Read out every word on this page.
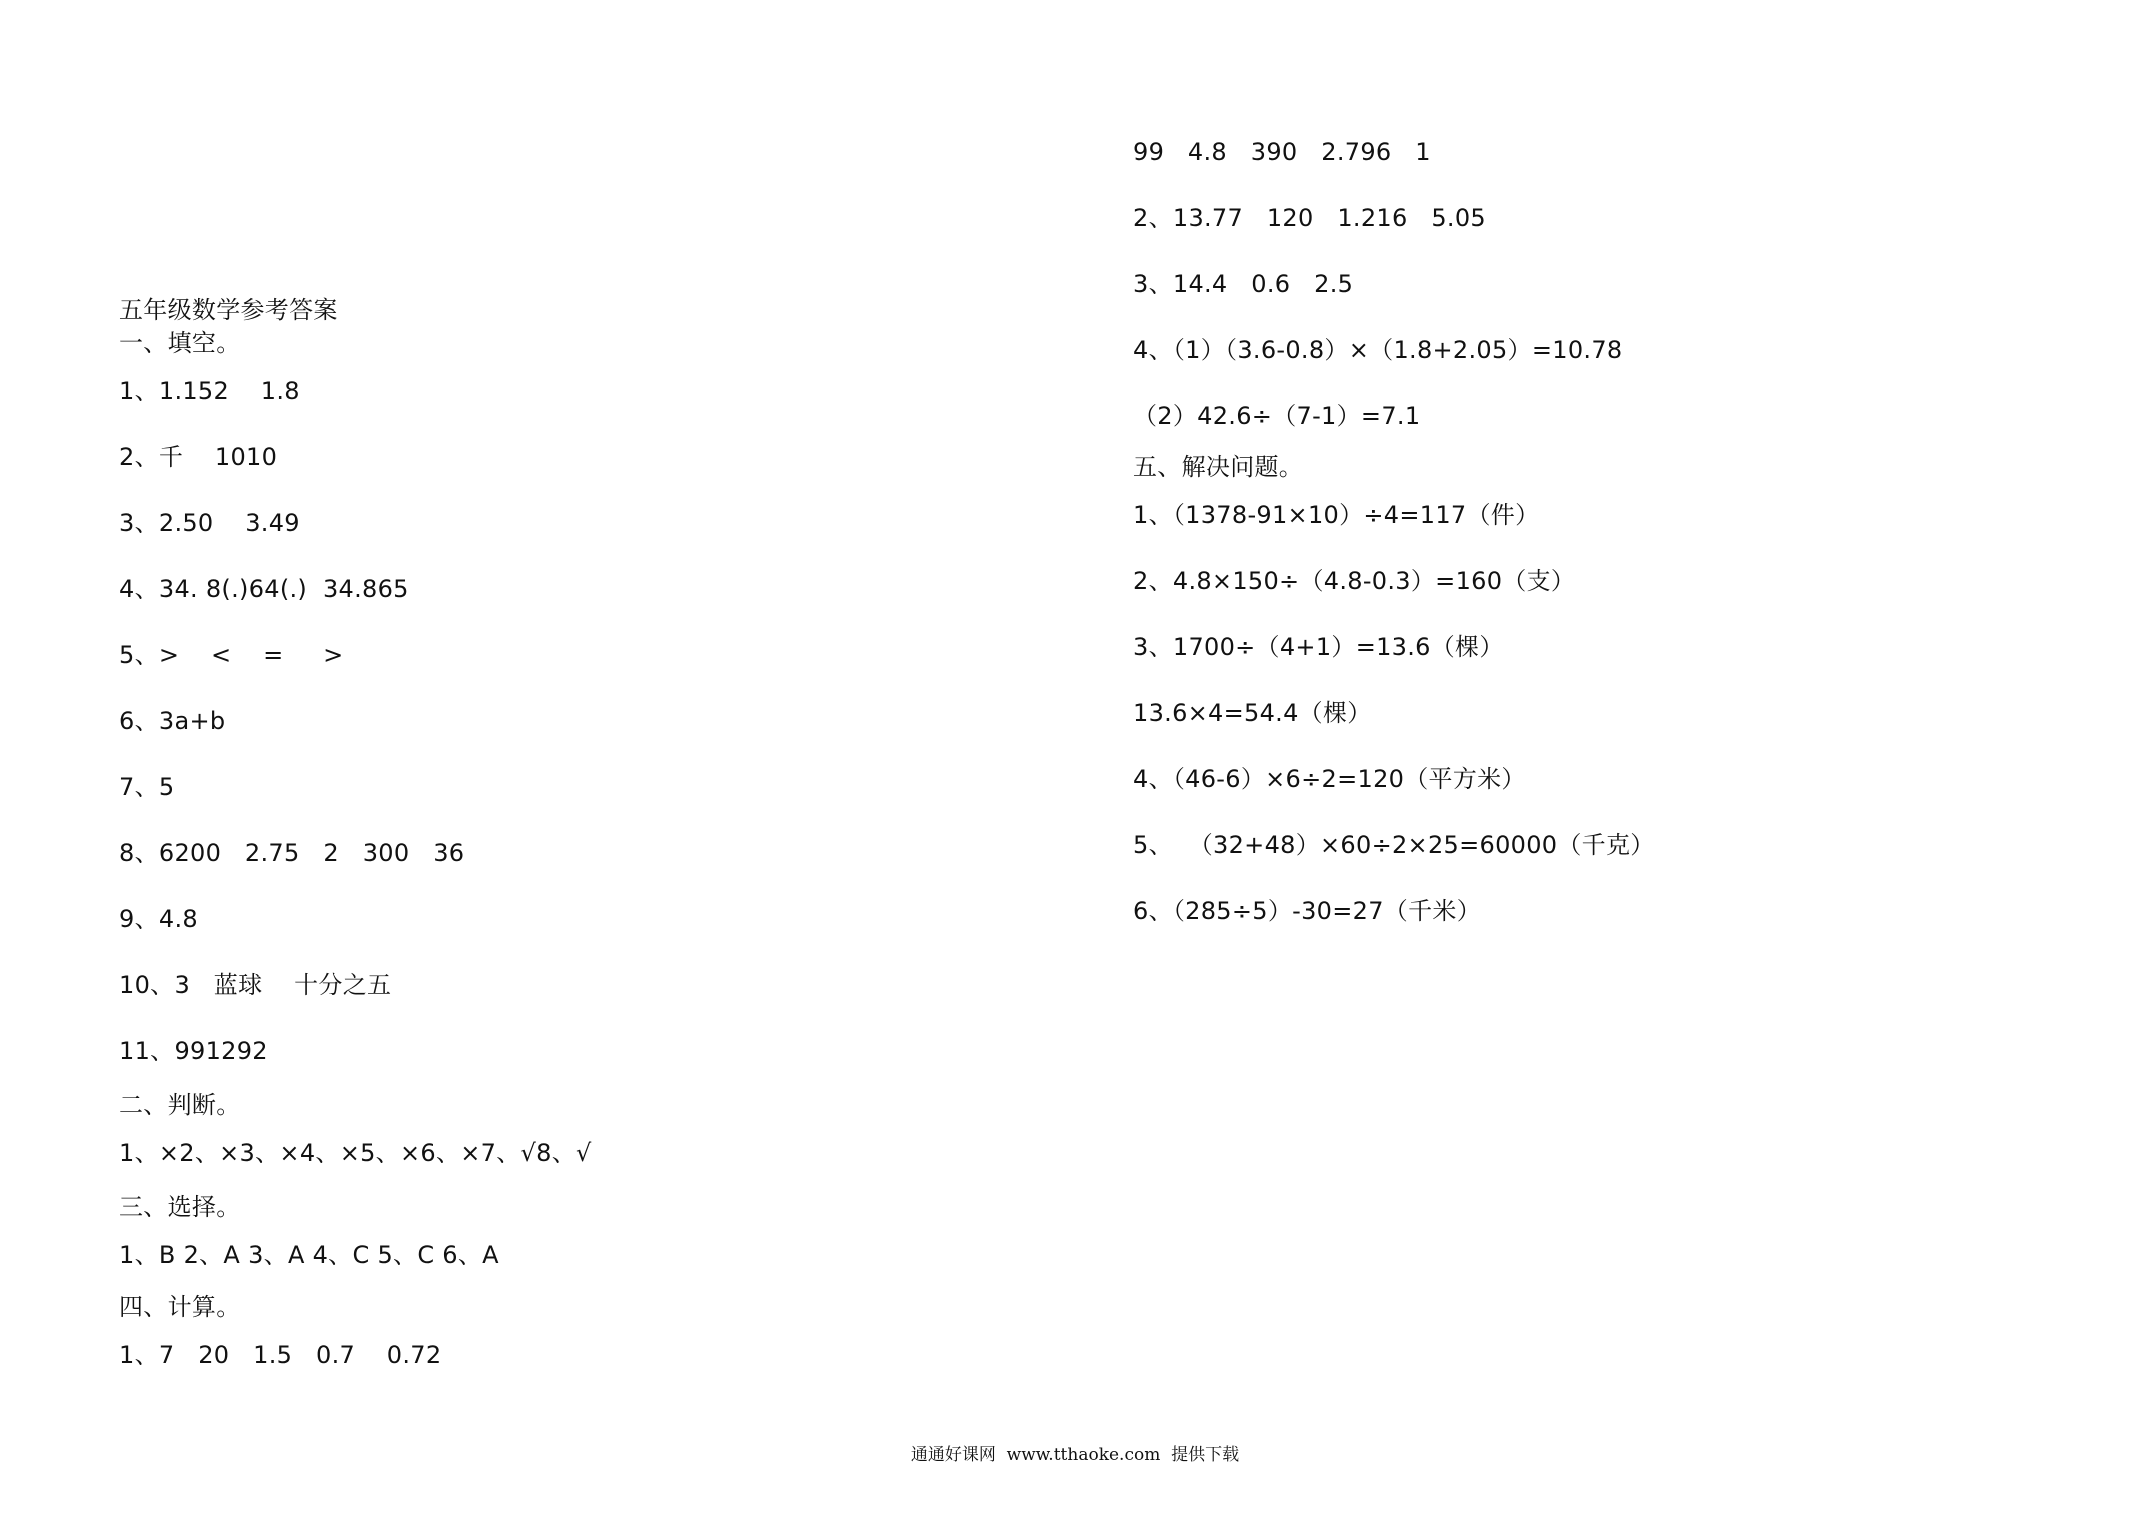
五年级数学参考答案
一、填空。
1、1.152    1.8
2、千    1010
3、2.50    3.49
4、34. 8(.)64(.)  34.865
5、>    <    =     >
6、3a+b
7、5
8、6200   2.75   2   300   36
9、4.8
10、3   蓝球    十分之五
11、991292
二、判断。
1、×2、×3、×4、×5、×6、×7、√8、√
三、选择。
1、B 2、A 3、A 4、C 5、C 6、A
四、计算。
1、7   20   1.5   0.7    0.72
99   4.8   390   2.796   1
2、13.77   120   1.216   5.05
3、14.4   0.6   2.5
4、（1）（3.6-0.8）×（1.8+2.05）=10.78
（2）42.6÷（7-1）=7.1
五、解决问题。
1、（1378-91×10）÷4=117（件）
2、4.8×150÷（4.8-0.3）=160（支）
3、1700÷（4+1）=13.6（棵）
13.6×4=54.4（棵）
4、（46-6）×6÷2=120（平方米）
5、  （32+48）×60÷2×25=60000（千克）
6、（285÷5）-30=27（千米）
通通好课网  www.tthaoke.com  提供下载
